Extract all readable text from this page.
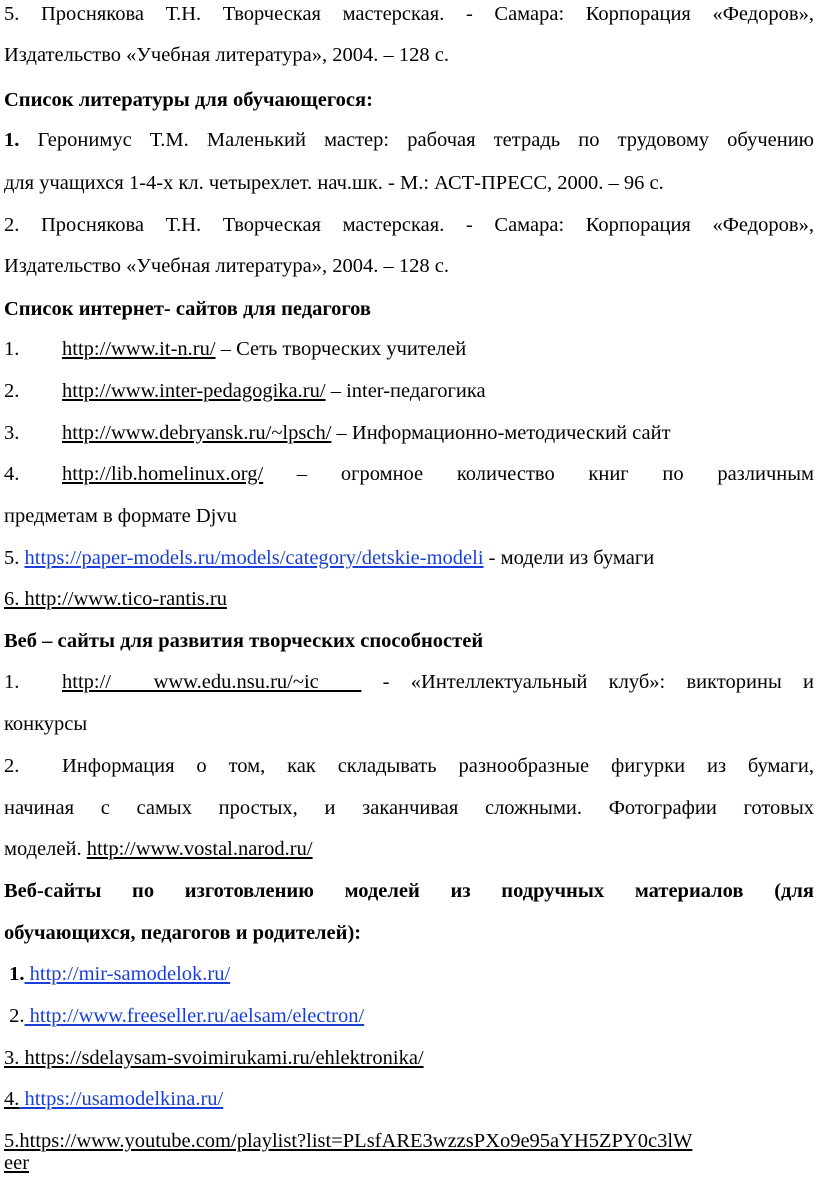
5. Проснякова Т.Н. Творческая мастерская. - Самара: Корпорация «Федоров»,
Издательство «Учебная литература», 2004. – 128 с.
Список литературы для обучающегося:
1. Геронимус Т.М. Маленький мастер: рабочая тетрадь по трудовому обучению
для учащихся 1-4-х кл. четырехлет. нач.шк. - М.: АСТ-ПРЕСС, 2000. – 96 с.
2. Проснякова Т.Н. Творческая мастерская. - Самара: Корпорация «Федоров»,
Издательство «Учебная литература», 2004. – 128 с.
Список интернет- сайтов для педагогов
1. http://www.it-n.ru/ – Сеть творческих учителей
2. http://www.inter-pedagogika.ru/ – inter-педагогика
3. http://www.debryansk.ru/~lpsch/ – Информационно-методический сайт
4. http://lib.homelinux.org/ – огромное количество книг по различным
предметам в формате Djvu
5. https://paper-models.ru/models/category/detskie-modeli - модели из бумаги
6. http://www.tico-rantis.ru
Веб – сайты для развития творческих способностей
1. http://  www.edu.nsu.ru/~ic   - «Интеллектуальный клуб»: викторины и
конкурсы
2. Информация о том, как складывать разнообразные фигурки из бумаги,
начиная с самых простых, и заканчивая сложными. Фотографии готовых
моделей. http://www.vostal.narod.ru/
Веб-сайты по изготовлению моделей из подручных материалов (для
обучающихся, педагогов и родителей):
1. http://mir-samodelok.ru/
2. http://www.freeseller.ru/aelsam/electron/
3. https://sdelaysam-svoimirukami.ru/ehlektronika/
4. https://usamodelkina.ru/
5.https://www.youtube.com/playlist?list=PLsfARE3wzzsPXo9e95aYH5ZPY0c3lW
eer
